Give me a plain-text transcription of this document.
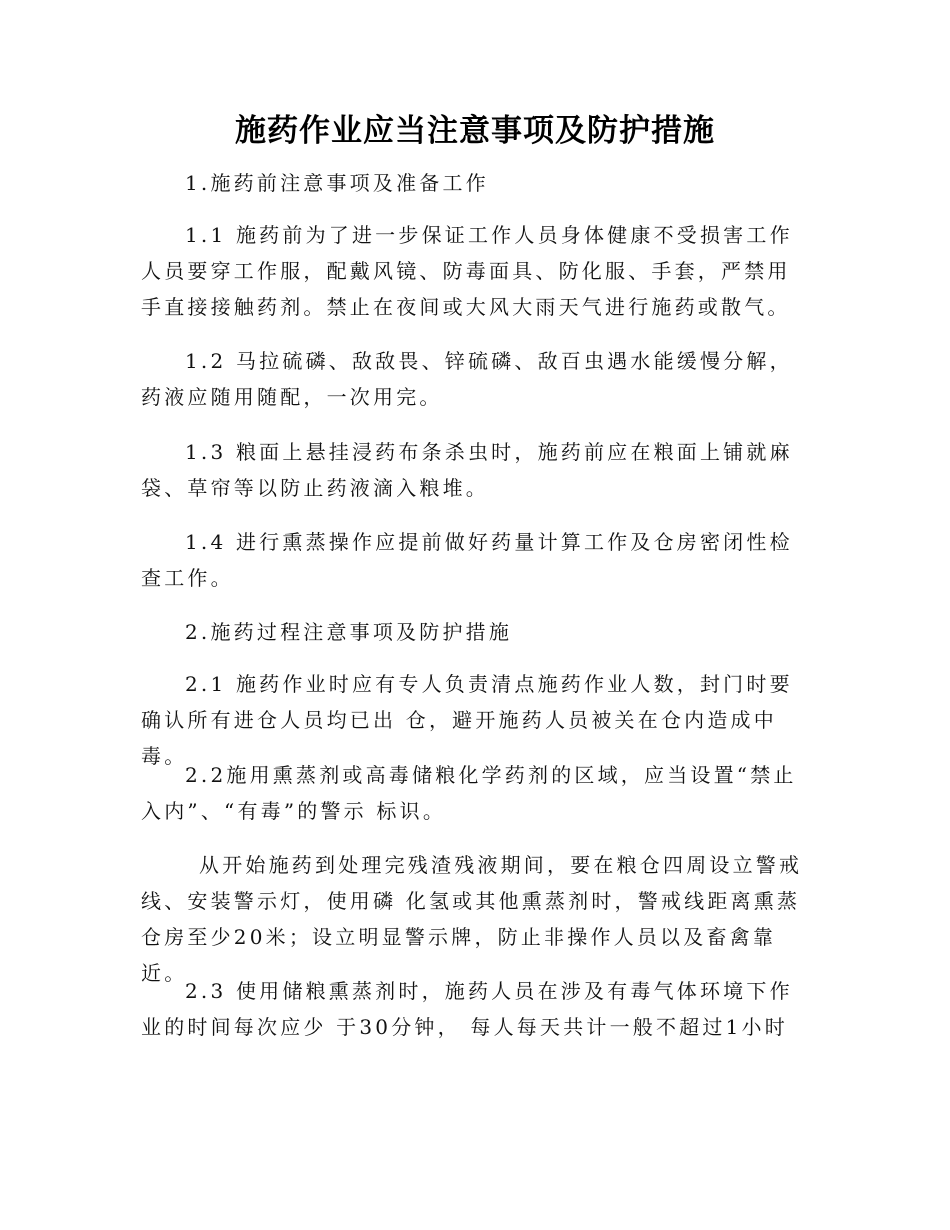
施药作业应当注意事项及防护措施

1.施药前注意事项及准备工作

1.1 施药前为了进一步保证工作人员身体健康不受损害工作人员要穿工作服，配戴风镜、防毒面具、防化服、手套，严禁用手直接接触药剂。禁止在夜间或大风大雨天气进行施药或散气。

1.2 马拉硫磷、敌敌畏、锌硫磷、敌百虫遇水能缓慢分解，药液应随用随配，一次用完。

1.3 粮面上悬挂浸药布条杀虫时，施药前应在粮面上铺就麻袋、草帘等以防止药液滴入粮堆。

1.4 进行熏蒸操作应提前做好药量计算工作及仓房密闭性检查工作。

2.施药过程注意事项及防护措施

2.1 施药作业时应有专人负责清点施药作业人数，封门时要确认所有进仓人员均已出 仓，避开施药人员被关在仓内造成中毒。

2.2施用熏蒸剂或高毒储粮化学药剂的区域，应当设置“禁止入内”、“有毒”的警示 标识。

从开始施药到处理完残渣残液期间，要在粮仓四周设立警戒线、安装警示灯，使用磷 化氢或其他熏蒸剂时，警戒线距离熏蒸仓房至少20米；设立明显警示牌，防止非操作人员以及畜禽靠近。

2.3 使用储粮熏蒸剂时，施药人员在涉及有毒气体环境下作业的时间每次应少 于30分钟， 每人每天共计一般不超过1小时
